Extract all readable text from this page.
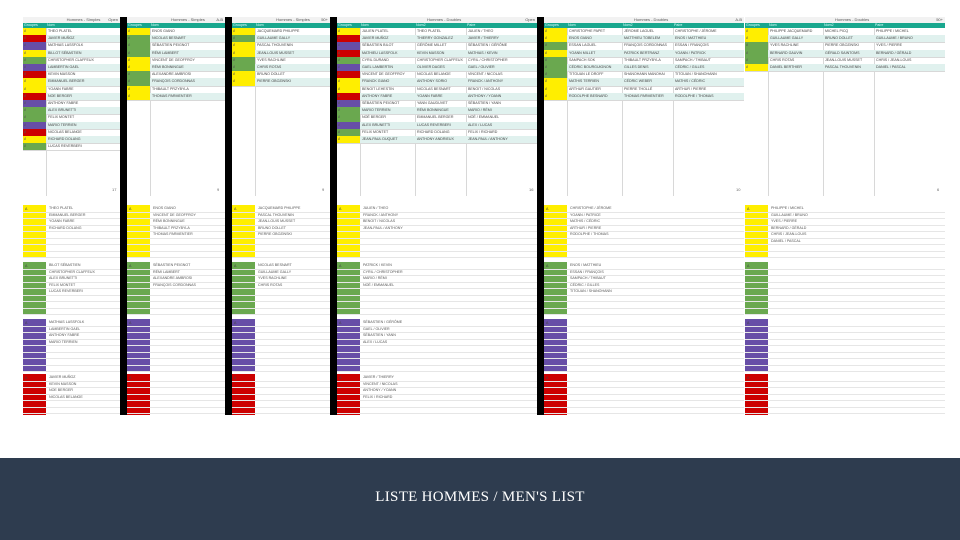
Hommes - Simples Open
Groupes	Nom
A	THEO PLATEL
A	JAVIER MUÑOZ
A	MATHIAS LASSFOLK
A	BILLOT SÉBASTIEN
A	CHRISTOPHER CLAFFEUX
A	LAMBERTIN GAEL
A	KEVIN MASSON
A	EMMANUEL BERGER
A	YOANN FABRE
A	NOE BERGER
A	ANTHONY FABRE
A	ALEX BRUNETTI
A	FELIX MONTET
A	MARIO TERRIEN
A	NICOLAS BELANGE
A	RICHARD DOLANG
A	LUCAS REVERBERI
17
A	THEO PLATEL
EMMANUEL BERGER
YOANN FABRE
RICHARD DOLANG
A	BILOT SÉBASTIEN
CHRISTOPHER CLAFFEUX
ALEX BRUNETTI
FELIX MONTET
LUCAS REVERBERI
A	MATHIAS LASSFOLK
LAMBERTIN GAEL
ANTHONY FABRE
MARIO TERRIEN
A	JAVIER MUÑOZ
KEVIN MASSON
NOE BERGER
NICOLAS BELANGE
Hommes - Simples	A-B
Groupes	Nom
A	ENOS GIANO
A	NICOLAS BESNART
A	SÉBASTIEN PEIGNOT
A	RÉMI LAMBERT
A	VINCENT DE GEOFFROY
A	RÉMI BONNINGUE
A	ALEXANDRE AMBROSI
A	FRANÇOIS CORDONNAS
A	THIBAULT PRZYBYLA
A	THOMAS PARMENTIER
9
A	ENOS GIANO
VINCENT DE GEOFFROY
RÉMI BONNINGUE
THIBAULT PRZYBYLA
THOMAS PARMENTIER
A	SÉBASTIEN PEIGNOT
RÉMI LAMBERT
ALEXANDRE AMBROSI
FRANÇOIS CORDONNAS
A
A
Hommes - Simples	50+
Groupes	Nom
A	JACQUEMARD PHILIPPE
A	GUILLAUME GALLY
A	PASCAL THOUVENIN
A	JEAN-LOUIS MUSSET
A	YVES RACHLINE
A	CHRIS ROTAS
A	BRUNO DOLLET
A	PIERRE OBOZINSKI
9
A	JACQUEMARD PHILIPPE
PASCAL THOUVENIN
JEAN-LOUIS MUSSET
BRUNO DOLLET
PIERRE OBOZINSKI
A	NICOLAS BESNART
GUILLAUME GALLY
YVES RACHLINE
CHRIS ROTAS
A
A
Hommes - Doubles	Open
Groupes	Nom	Nom2	Paire
A	JULIEN PLATEL	THEO PLATEL	JULIEN / THEO
A	JAVIER MUÑOZ	THIERRY GONZALEZ	JAVIER / THIERRY
A	SÉBASTIEN BILOT	GÉRÔME MILLET	SÉBASTIEN / GÉRÔME
A	MATHIEU LASSFOLK	KEVIN MASSON	MATHIAS / KEVIN
A	CYRIL DURAND	CHRISTOPHER CLAFFEUX	CYRIL / CHRISTOPHER
A	GAEL LAMBERTIN	OLIVIER DAGES	GAEL / OLIVIER
A	VINCENT DE GEOFFROY	NICOLAS BELANGE	VINCENT / NICOLAS
A	FRANCK GIANO	ANTHONY SORIO	FRANCK / ANTHONY
A	BENOIT LEHESTIN	NICOLAS BESNART	BENOIT / NICOLAS
A	ANTHONY FABRE	YOANN FABRE	ANTHONY / YOANN
A	SÉBASTIEN PEIGNOT	YANN GAUDUVET	SÉBASTIEN / YANN
A	MARIO TERRIEN	RÉMI BONNINGUE	MARIO / RÉMI
A	NOÉ BERGER	EMMANUEL BERGER	NOÉ / EMMANUEL
A	ALEX BRUNETTI	LUCAS REVERBERI	ALEX / LUCAS
A	FELIX MONTET	RICHARD DOLANG	FELIX / RICHARD
A	JEAN-PAUL DUQUET	ANTHONY ANDRIEUX	JEAN-PAUL / ANTHONY
16
A	JULIEN / THEO
FRANCK / ANTHONY
BENOIT / NICOLAS
JEAN-PAUL / ANTHONY
A	PATRICK / KEVIN
CYRIL / CHRISTOPHER
MARIO / RÉMI
NOÉ / EMMANUEL
A	SÉBASTIEN / GÉRÔME
GAEL / OLIVIER
SÉBASTIEN / YANN
ALEX / LUCAS
A	JAVIER / THIERRY
VINCENT / NICOLAS
ANTHONY / YOANN
FELIX / RICHARD
Hommes - Doubles	A-B
Groupes	Nom	Nom2	Paire
A	CHRISTOPHE PAPET	JÉROME LAGUEL	CHRISTOPHE / JÉROME
A	ENOS GIANO	MATTHIEU TOBELEM	ENOS / MATTHIEU
A	ESSAN LAGUEL	FRANÇOIS CORDONNAS	ESSAN / FRANÇOIS
A	YOANN MILLET	PATRICK BERTRANZ	YOANN / PATRICK
A	SAMPACH SOK	THIBAULT PRZYBYLA	SAMPACH / THIBAUT
A	CÉDRIC BOURGUIGNON	GILLES DENIS	CÉDRIC / GILLES
A	TITOUAN LE DROFF	SHANOHANN MANOHAI	TITOUAN / SHANOHANN
A	MATHIS TERRIEN	CÉDRIC WEBER	MATHIS / CÉDRIC
A	ARTHUR GAUTIER	PIERRE THOLLÉ	ARTHUR / PIERRE
A	RODOLPHE BESNARD	THOMAS PARMENTIER	RODOLPHE / THOMAS
10
A	CHRISTOPHE / JÉROME
YOANN / PATRICE
MATHIS / CÉDRIC
ARTHUR / PIERRE
RODOLPHE / THOMAS
A	ENOS / MATTHIEU
ESSAN / FRANÇOIS
SAMPACH / THIBAUT
CÉDRIC / GILLES
TITOUAN / SHANOHANN
A
A
Hommes - Doubles	50+
Groupes	Nom	Nom2	Paire
A	PHILIPPE JACQUEMARD	MICHEL PICQ	PHILIPPE / MICHEL
A	GUILLAUME GALLY	BRUNO DOLLET	GUILLAUME / BRUNO
A	YVES RACHLINE	PIERRE OBOZINSKI	YVES / PIERRE
A	BERNARD GAUVIN	GÉRALD SAINTOMS	BERNARD / GÉRALD
A	CHRIS ROTAS	JEAN-LOUIS MUSSET	CHRIS / JEAN-LOUIS
A	DANIEL BERTHIER	PASCAL THOUVENIN	DANIEL / PASCAL
6
A	PHILIPPE / MICHEL
GUILLAUME / BRUNO
YVES / PIERRE
BERNARD / GÉRALD
CHRIS / JEAN-LOUIS
DANIEL / PASCAL
A
A
A
LISTE HOMMES / MEN'S LIST
